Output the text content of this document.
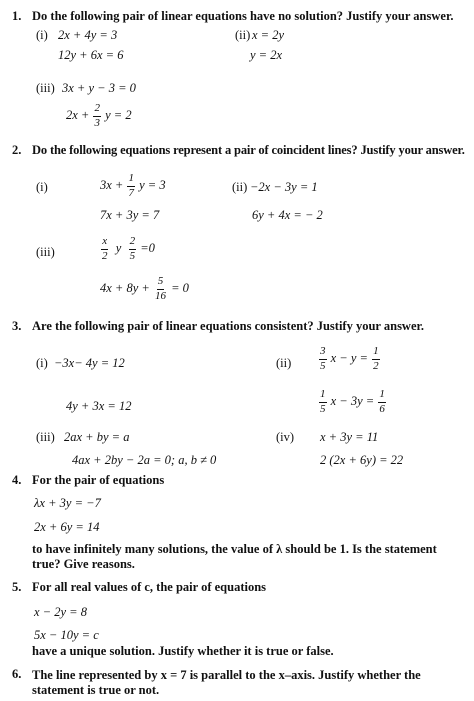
1. Do the following pair of linear equations have no solution? Justify your answer.
(i) 2x + 4y = 3
12y + 6x = 6
(ii) x = 2y
y = 2x
(iii) 3x + y − 3 = 0
$2x + \frac{2}{3}$ y = 2
2. Do the following equations represent a pair of coincident lines? Justify your answer.
(i)	$3x + \frac{1}{7}$ y = 3
7x + 3y = 7
(ii) −2x − 3y = 1
6y + 4x = − 2
(iii)	$\frac{x}{2}$ y $\frac{2}{5} =0$
$4x + 8y + \frac{5}{16} = 0$
3. Are the following pair of linear equations consistent? Justify your answer.
(i) −3x− 4y = 12
4y + 3x = 12
(ii)	$\frac{3}{5}$ $x - y = \frac{1}{2}$
$\frac{1}{5}$ $x - 3y = \frac{1}{6}$
(iii) 2ax + by = a
4ax + 2by − 2a = 0; a, b ≠ 0
(iv) x + 3y = 11
2 (2x + 6y) = 22
4. For the pair of equations
λx + 3y = −7
2x + 6y = 14
to have infinitely many solutions, the value of λ should be 1. Is the statement true? Give reasons.
5. For all real values of c, the pair of equations
x − 2y = 8
5x − 10y = c
have a unique solution. Justify whether it is true or false.
6. The line represented by x = 7 is parallel to the x–axis. Justify whether the statement is true or not.
